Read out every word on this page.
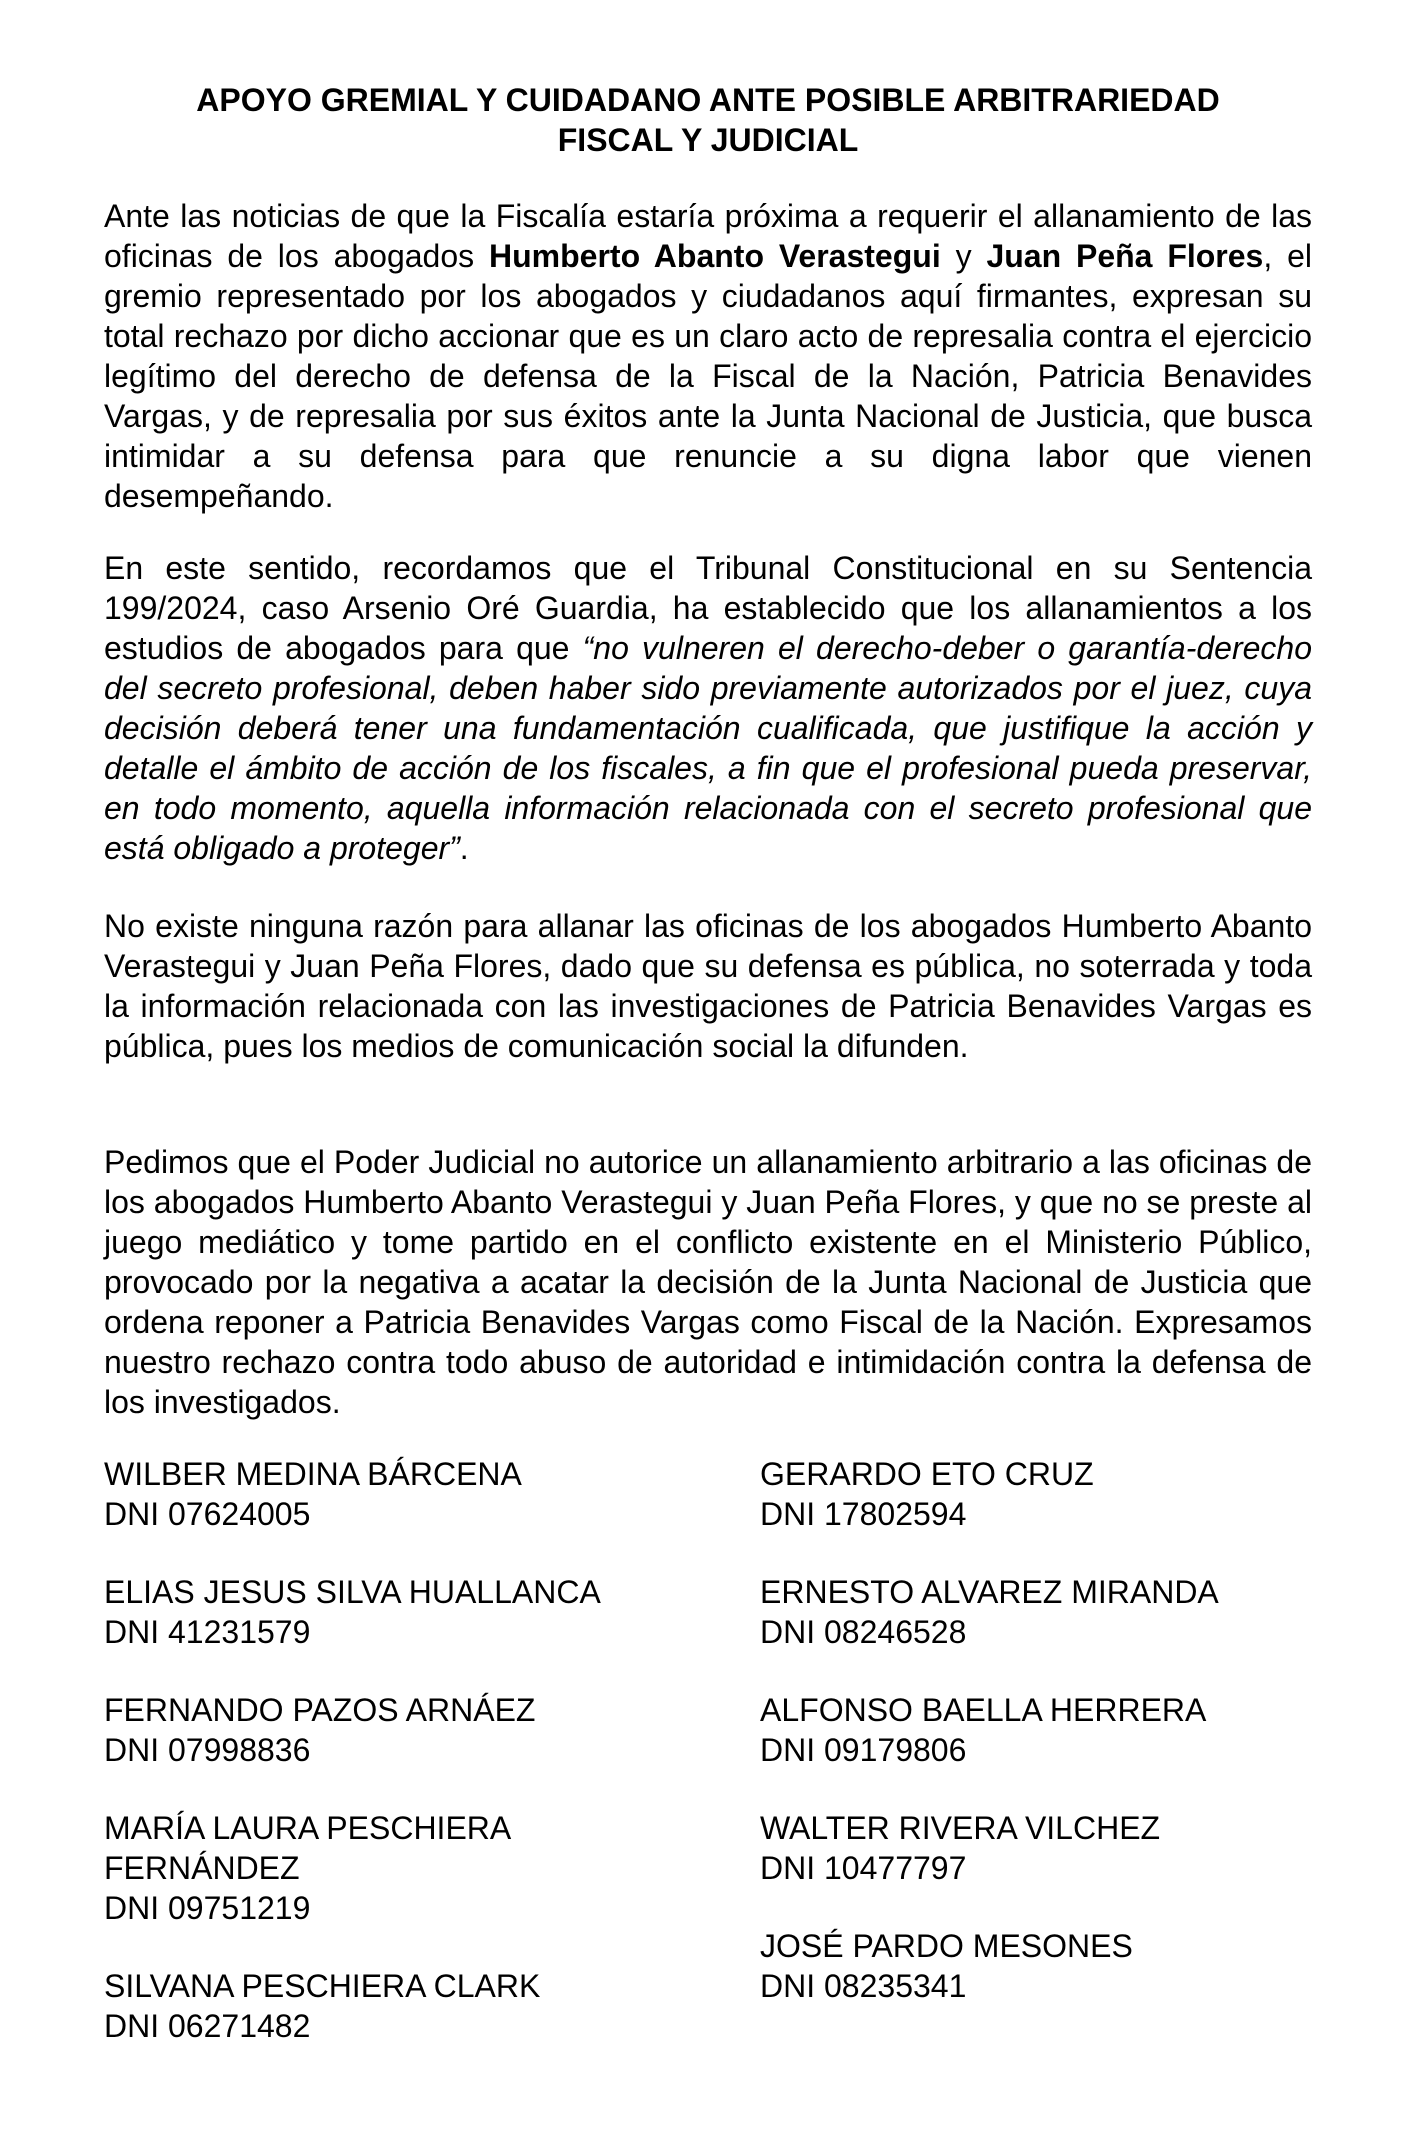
APOYO GREMIAL Y CUIDADANO ANTE POSIBLE ARBITRARIEDAD
FISCAL Y JUDICIAL

Ante las noticias de que la Fiscalía estaría próxima a requerir el allanamiento de las oficinas de los abogados Humberto Abanto Verastegui y Juan Peña Flores, el gremio representado por los abogados y ciudadanos aquí firmantes, expresan su total rechazo por dicho accionar que es un claro acto de represalia contra el ejercicio legítimo del derecho de defensa de la Fiscal de la Nación, Patricia Benavides Vargas, y de represalia por sus éxitos ante la Junta Nacional de Justicia, que busca intimidar a su defensa para que renuncie a su digna labor que vienen desempeñando.

En este sentido, recordamos que el Tribunal Constitucional en su Sentencia 199/2024, caso Arsenio Oré Guardia, ha establecido que los allanamientos a los estudios de abogados para que “no vulneren el derecho-deber o garantía-derecho del secreto profesional, deben haber sido previamente autorizados por el juez, cuya decisión deberá tener una fundamentación cualificada, que justifique la acción y detalle el ámbito de acción de los fiscales, a fin que el profesional pueda preservar, en todo momento, aquella información relacionada con el secreto profesional que está obligado a proteger”.

No existe ninguna razón para allanar las oficinas de los abogados Humberto Abanto Verastegui y Juan Peña Flores, dado que su defensa es pública, no soterrada y toda la información relacionada con las investigaciones de Patricia Benavides Vargas es pública, pues los medios de comunicación social la difunden.

Pedimos que el Poder Judicial no autorice un allanamiento arbitrario a las oficinas de los abogados Humberto Abanto Verastegui y Juan Peña Flores, y que no se preste al juego mediático y tome partido en el conflicto existente en el Ministerio Público, provocado por la negativa a acatar la decisión de la Junta Nacional de Justicia que ordena reponer a Patricia Benavides Vargas como Fiscal de la Nación. Expresamos nuestro rechazo contra todo abuso de autoridad e intimidación contra la defensa de los investigados.

WILBER MEDINA BÁRCENA
DNI 07624005
ELIAS JESUS SILVA HUALLANCA
DNI 41231579
FERNANDO PAZOS ARNÁEZ
DNI 07998836
MARÍA LAURA PESCHIERA
FERNÁNDEZ
DNI 09751219
SILVANA PESCHIERA CLARK
DNI 06271482
GERARDO ETO CRUZ
DNI 17802594
ERNESTO ALVAREZ MIRANDA
DNI 08246528
ALFONSO BAELLA HERRERA
DNI 09179806
WALTER RIVERA VILCHEZ
DNI 10477797
JOSÉ PARDO MESONES
DNI 08235341
